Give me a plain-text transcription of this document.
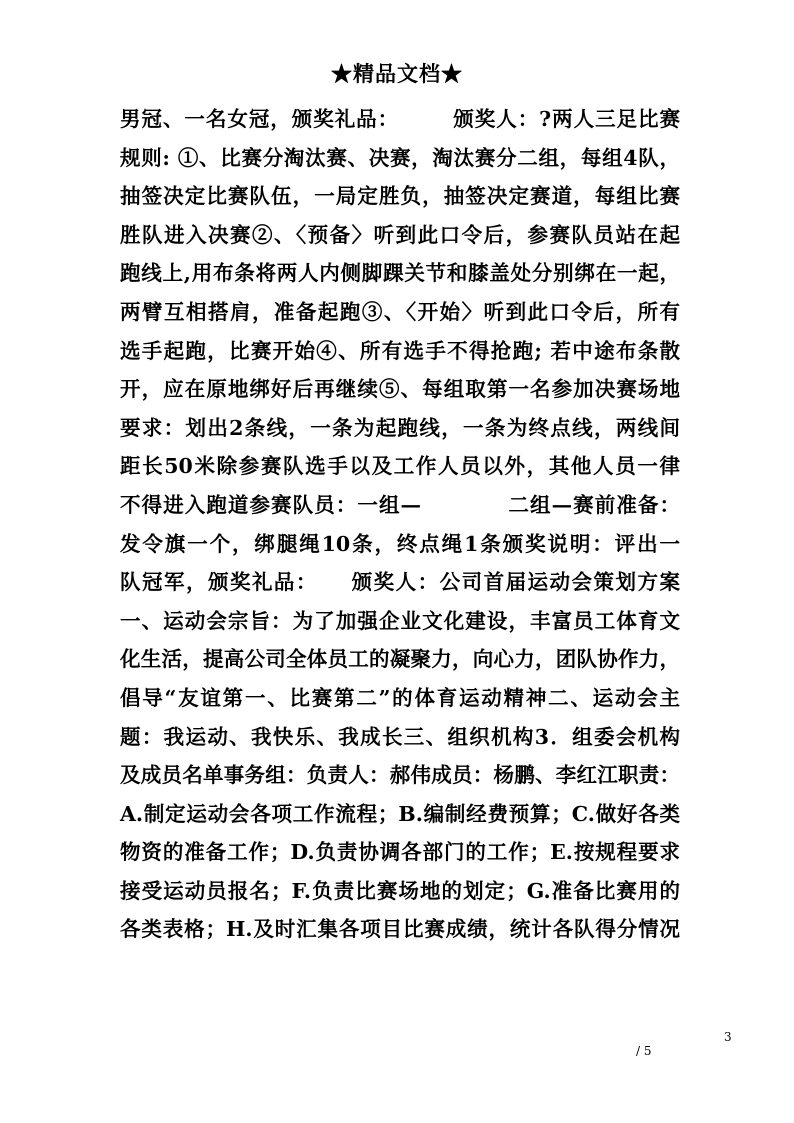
★精品文档★
男冠、一名女冠，颁奖礼品：　　　颁奖人：?两人三足比赛
规则: ①、比赛分淘汰赛、决赛，淘汰赛分二组，每组4队，
抽签决定比赛队伍，一局定胜负，抽签决定赛道，每组比赛
胜队进入决赛②、〈预备〉听到此口令后，参赛队员站在起
跑线上,用布条将两人内侧脚踝关节和膝盖处分别绑在一起，
两臂互相搭肩，准备起跑③、〈开始〉听到此口令后，所有
选手起跑，比赛开始④、所有选手不得抢跑; 若中途布条散
开，应在原地绑好后再继续⑤、每组取第一名参加决赛场地
要求：划出2条线，一条为起跑线，一条为终点线，两线间
距长50米除参赛队选手以及工作人员以外，其他人员一律
不得进入跑道参赛队员：一组—　　　　二组—赛前准备：
发令旗一个，绑腿绳10条，终点绳1条颁奖说明：评出一
队冠军，颁奖礼品：　　颁奖人：公司首届运动会策划方案
一、运动会宗旨：为了加强企业文化建设，丰富员工体育文
化生活，提高公司全体员工的凝聚力，向心力，团队协作力，
倡导“友谊第一、比赛第二”的体育运动精神二、运动会主
题：我运动、我快乐、我成长三、组织机构3．组委会机构
及成员名单事务组：负责人：郝伟成员：杨鹏、李红江职责：
A.制定运动会各项工作流程；B.编制经费预算；C.做好各类
物资的准备工作；D.负责协调各部门的工作；E.按规程要求
接受运动员报名；F.负责比赛场地的划定；G.准备比赛用的
各类表格；H.及时汇集各项目比赛成绩，统计各队得分情况
3
/ 5
